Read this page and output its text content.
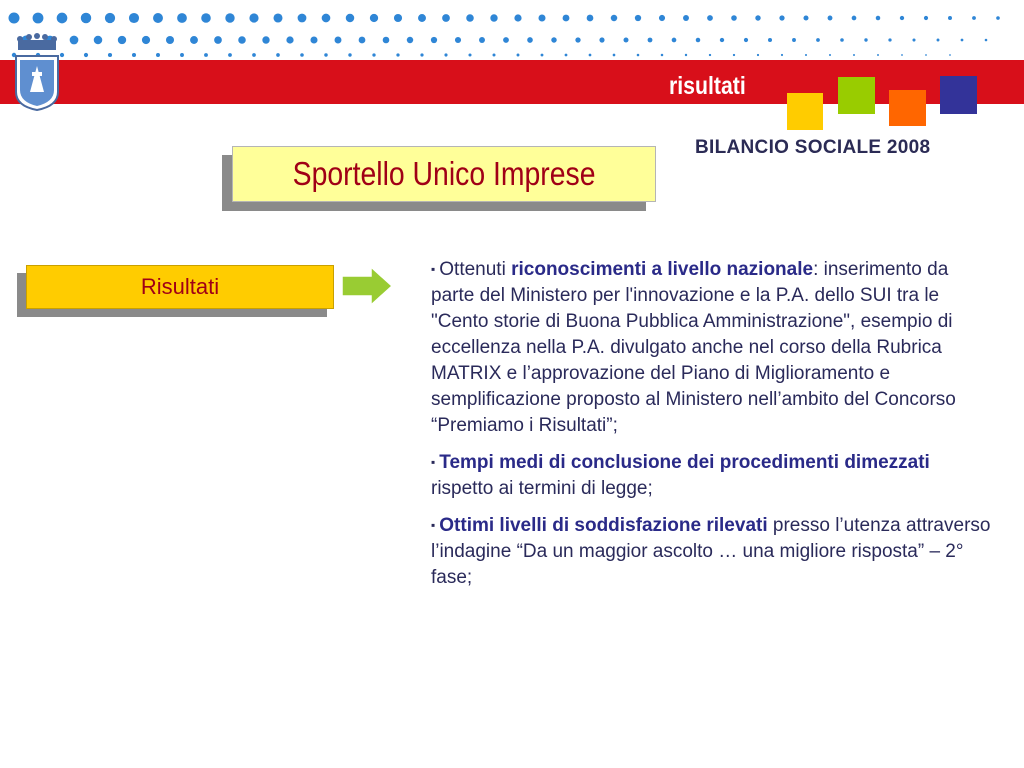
risultati
BILANCIO SOCIALE 2008
Sportello Unico Imprese
Risultati

▪ Ottenuti riconoscimenti a livello nazionale: inserimento da parte del Ministero per l'innovazione e la P.A. dello SUI tra le "Cento storie di Buona Pubblica Amministrazione", esempio di eccellenza nella P.A. divulgato anche nel corso della Rubrica MATRIX e l’approvazione del Piano di Miglioramento e semplificazione proposto al Ministero nell’ambito del Concorso “Premiamo i Risultati”;

▪ Tempi medi di conclusione dei procedimenti dimezzati rispetto ai termini di legge;

▪ Ottimi livelli di soddisfazione rilevati presso l’utenza attraverso l’indagine “Da un maggior ascolto … una migliore risposta” – 2° fase;
